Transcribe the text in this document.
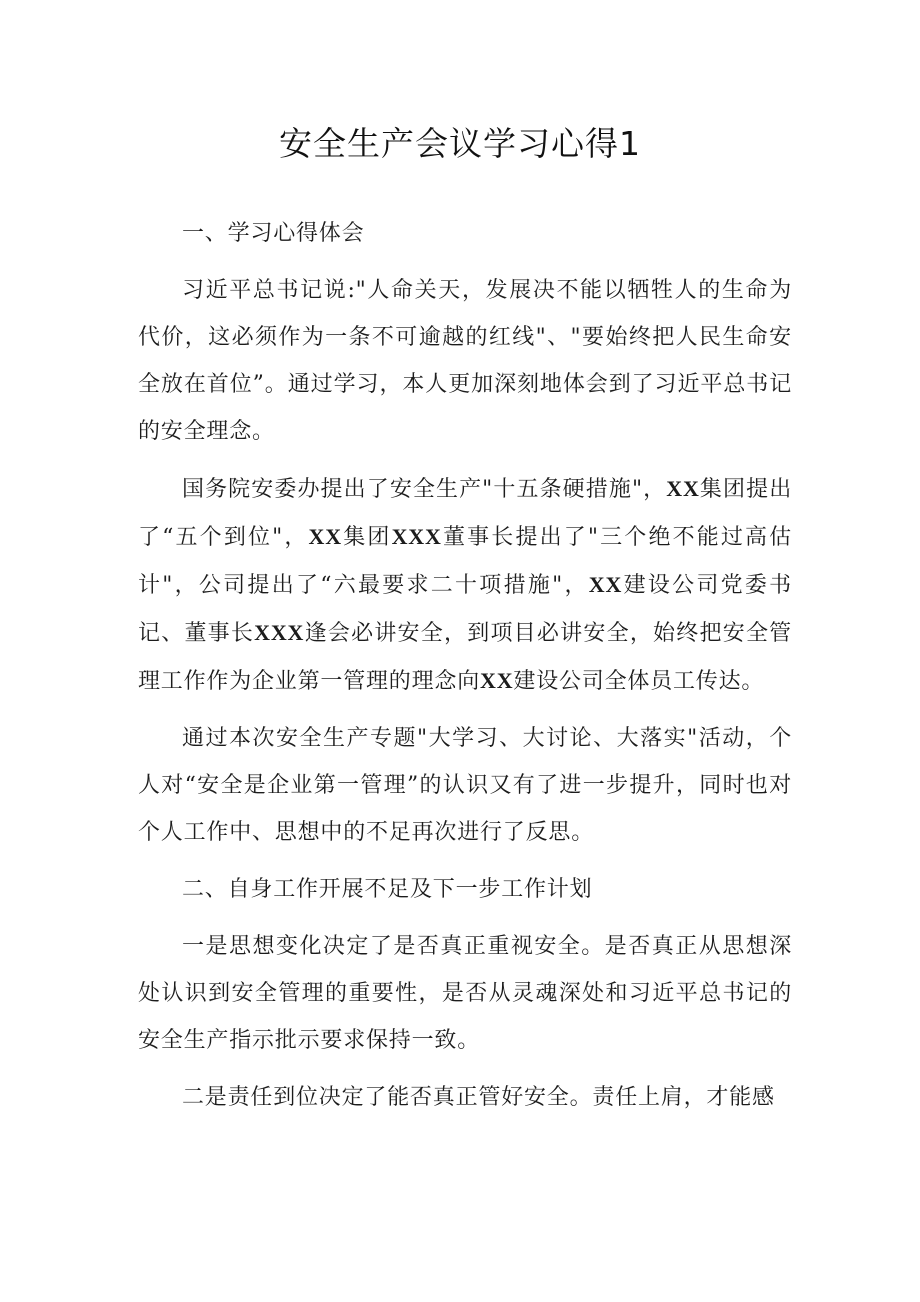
安全生产会议学习心得1

一、学习心得体会

习近平总书记说:"人命关天，发展决不能以牺牲人的生命为代价，这必须作为一条不可逾越的红线"、"要始终把人民生命安全放在首位”。通过学习，本人更加深刻地体会到了习近平总书记的安全理念。

国务院安委办提出了安全生产"十五条硬措施"，XX集团提出了“五个到位"，XX集团XXX董事长提出了"三个绝不能过高估计"，公司提出了“六最要求二十项措施"，XX建设公司党委书记、董事长XXX逢会必讲安全，到项目必讲安全，始终把安全管理工作作为企业第一管理的理念向XX建设公司全体员工传达。

通过本次安全生产专题"大学习、大讨论、大落实"活动，个人对“安全是企业第一管理”的认识又有了进一步提升，同时也对个人工作中、思想中的不足再次进行了反思。

二、自身工作开展不足及下一步工作计划

一是思想变化决定了是否真正重视安全。是否真正从思想深处认识到安全管理的重要性，是否从灵魂深处和习近平总书记的安全生产指示批示要求保持一致。

二是责任到位决定了能否真正管好安全。责任上肩，才能感
